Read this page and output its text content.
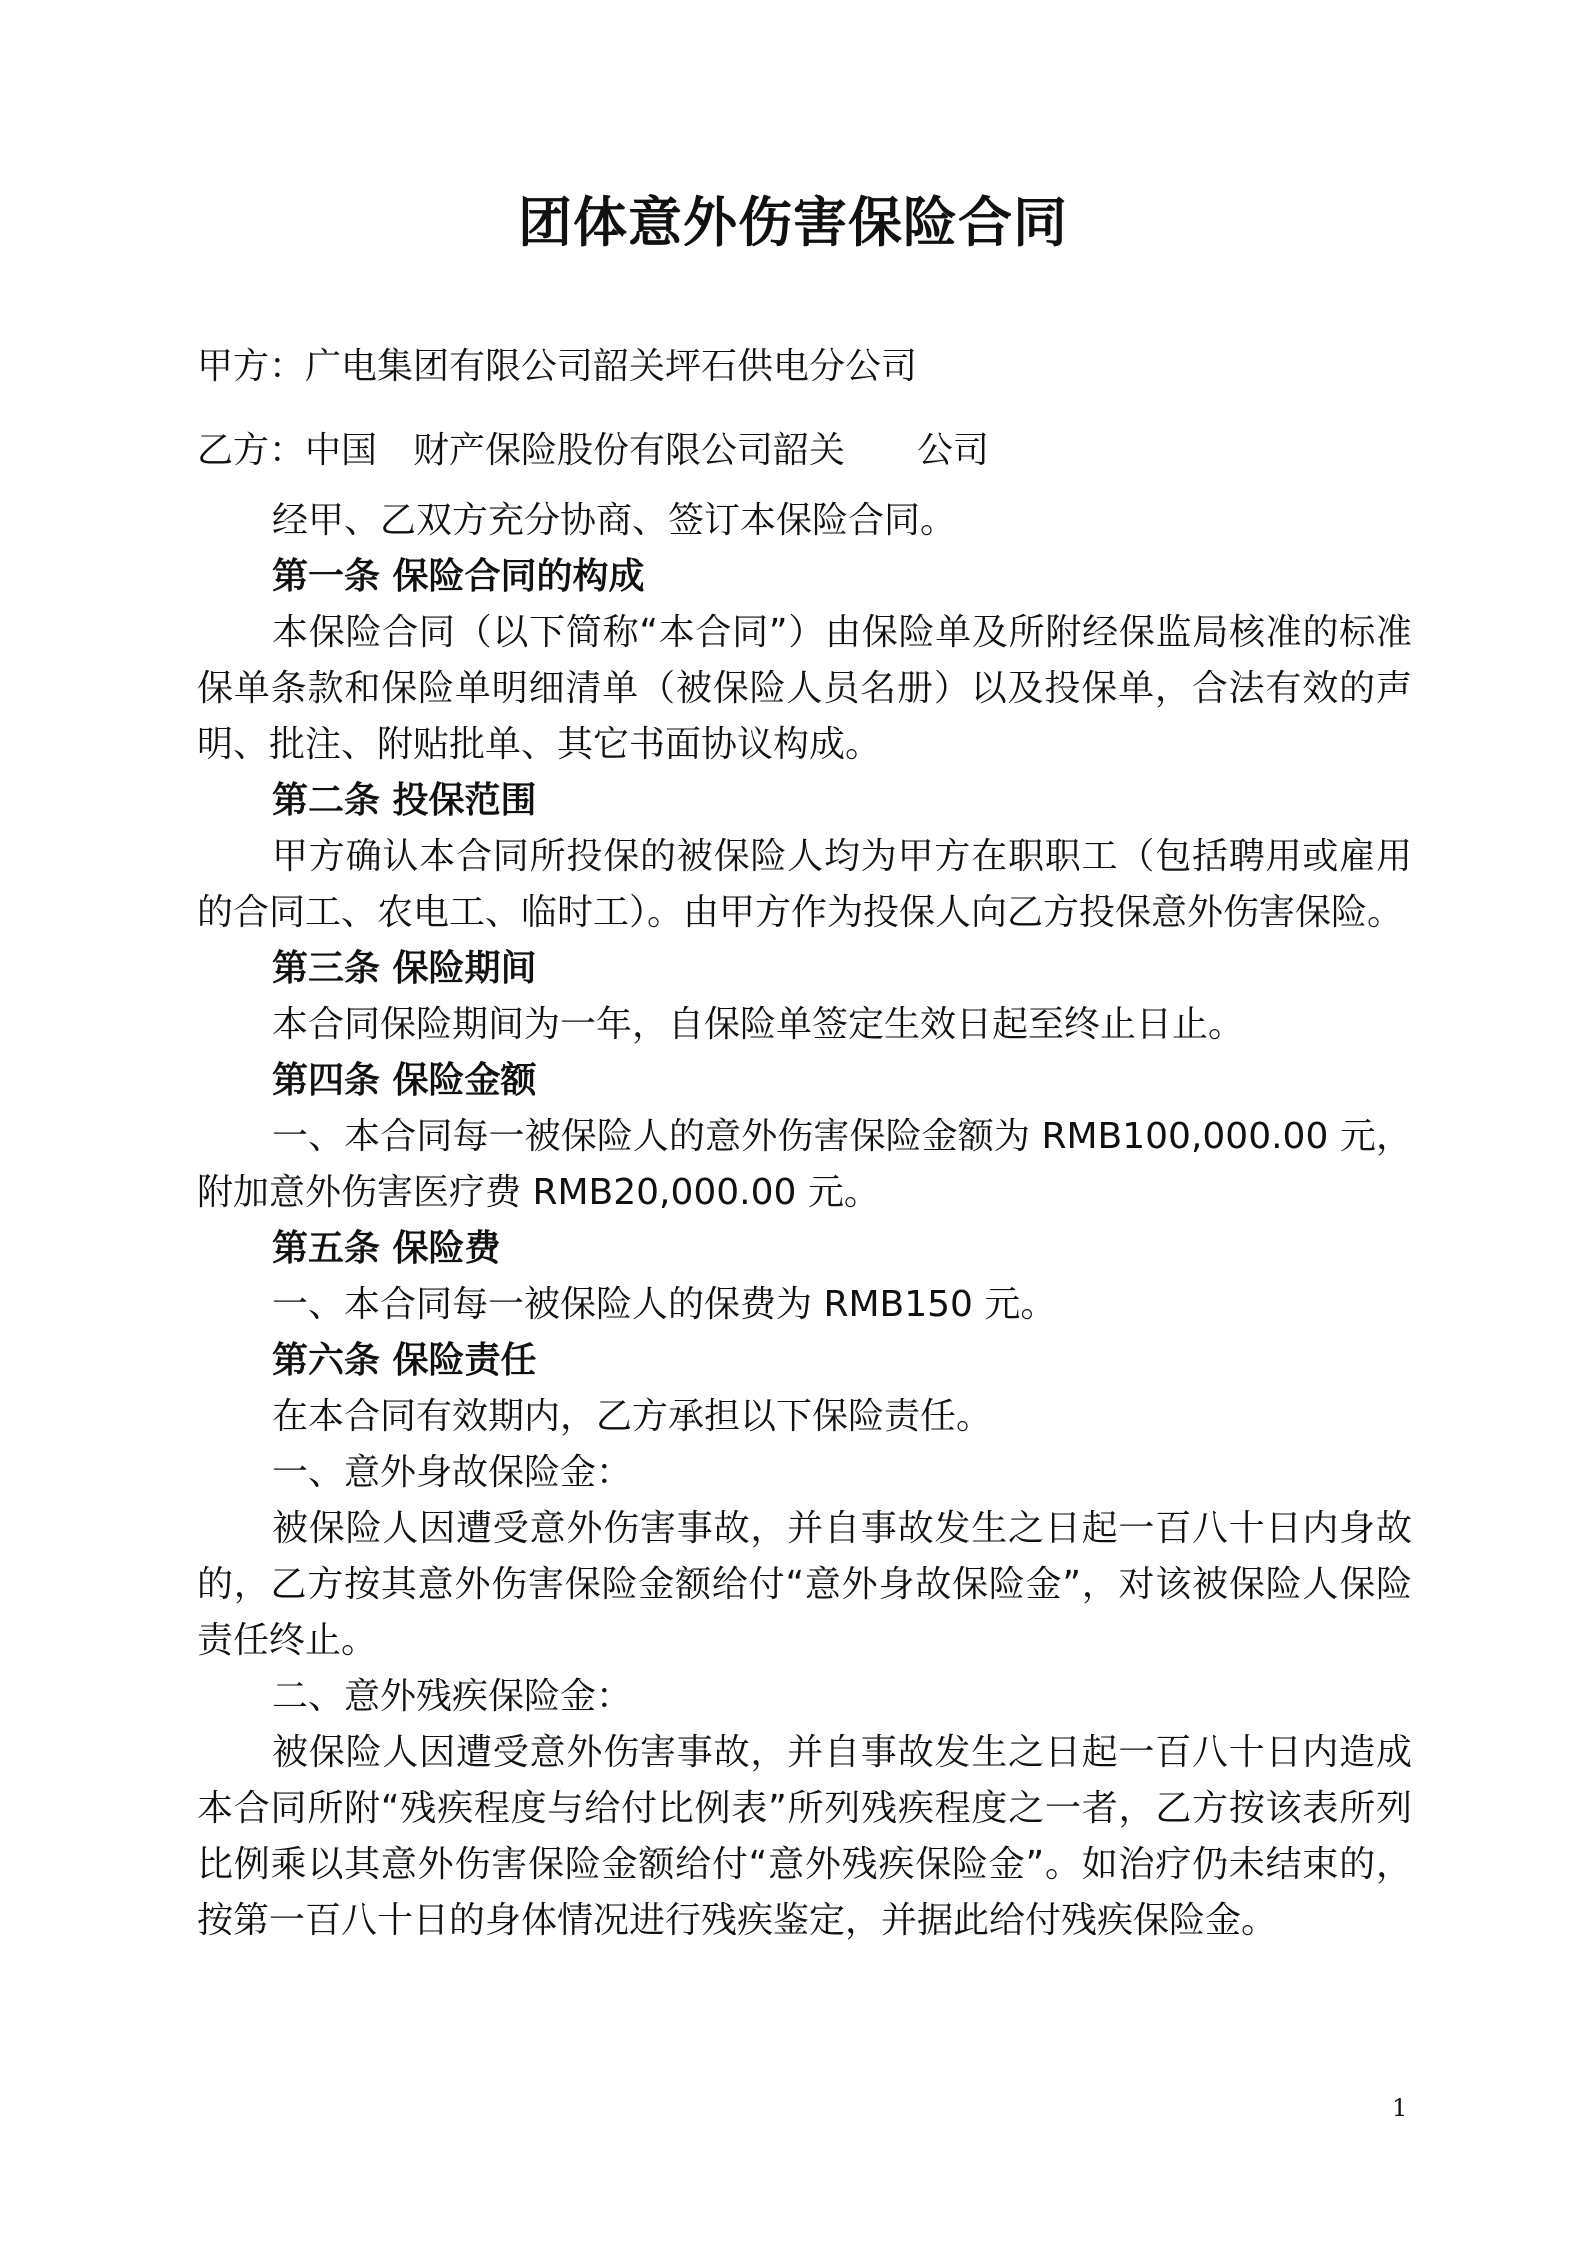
团体意外伤害保险合同
甲方：广电集团有限公司韶关坪石供电分公司
乙方：中国　财产保险股份有限公司韶关　　公司

经甲、乙双方充分协商、签订本保险合同。

第一条 保险合同的构成

本保险合同（以下简称“本合同”）由保险单及所附经保监局核准的标准保单条款和保险单明细清单（被保险人员名册）以及投保单，合法有效的声明、批注、附贴批单、其它书面协议构成。

第二条 投保范围

甲方确认本合同所投保的被保险人均为甲方在职职工（包括聘用或雇用的合同工、农电工、临时工）。由甲方作为投保人向乙方投保意外伤害保险。

第三条 保险期间

本合同保险期间为一年，自保险单签定生效日起至终止日止。

第四条 保险金额

一、本合同每一被保险人的意外伤害保险金额为 RMB100,000.00 元，附加意外伤害医疗费 RMB20,000.00 元。

第五条 保险费

一、本合同每一被保险人的保费为 RMB150 元。

第六条 保险责任

在本合同有效期内，乙方承担以下保险责任。

一、意外身故保险金：

被保险人因遭受意外伤害事故，并自事故发生之日起一百八十日内身故的，乙方按其意外伤害保险金额给付“意外身故保险金”，对该被保险人保险责任终止。

二、意外残疾保险金：

被保险人因遭受意外伤害事故，并自事故发生之日起一百八十日内造成本合同所附“残疾程度与给付比例表”所列残疾程度之一者，乙方按该表所列比例乘以其意外伤害保险金额给付“意外残疾保险金”。如治疗仍未结束的，按第一百八十日的身体情况进行残疾鉴定，并据此给付残疾保险金。

1
